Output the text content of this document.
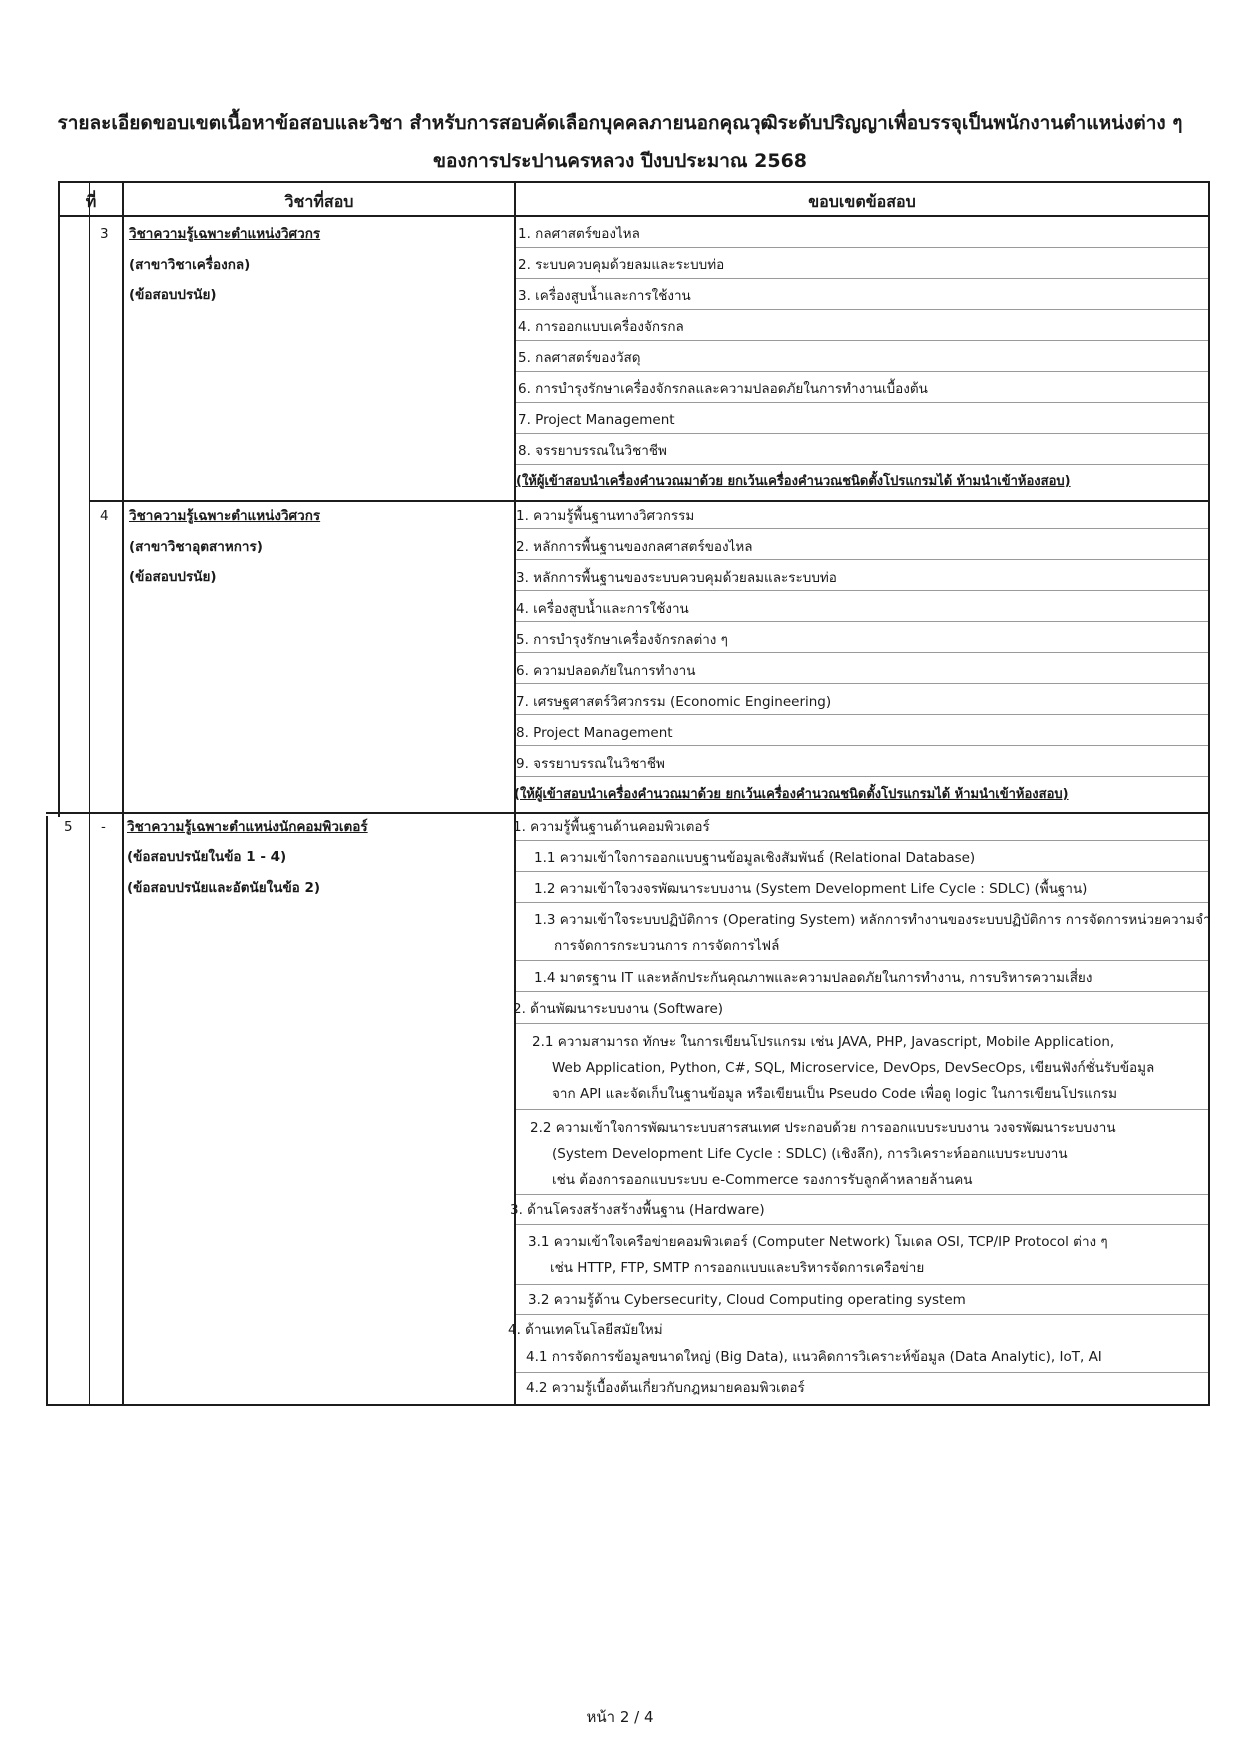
รายละเอียดขอบเขตเนื้อหาข้อสอบและวิชา สำหรับการสอบคัดเลือกบุคคลภายนอกคุณวุฒิระดับปริญญาเพื่อบรรจุเป็นพนักงานตำแหน่งต่าง ๆ
ของการประปานครหลวง ปีงบประมาณ 2568
ที่	วิชาที่สอบ	ขอบเขตข้อสอบ
3 วิชาความรู้เฉพาะตำแหน่งวิศวกร
(สาขาวิชาเครื่องกล)
(ข้อสอบปรนัย)
1. กลศาสตร์ของไหล
2. ระบบควบคุมด้วยลมและระบบท่อ
3. เครื่องสูบน้ำและการใช้งาน
4. การออกแบบเครื่องจักรกล
5. กลศาสตร์ของวัสดุ
6. การบำรุงรักษาเครื่องจักรกลและความปลอดภัยในการทำงานเบื้องต้น
7. Project Management
8. จรรยาบรรณในวิชาชีพ
(ให้ผู้เข้าสอบนำเครื่องคำนวณมาด้วย ยกเว้นเครื่องคำนวณชนิดตั้งโปรแกรมได้ ห้ามนำเข้าห้องสอบ)
4 วิชาความรู้เฉพาะตำแหน่งวิศวกร
(สาขาวิชาอุตสาหการ)
(ข้อสอบปรนัย)
1. ความรู้พื้นฐานทางวิศวกรรม
2. หลักการพื้นฐานของกลศาสตร์ของไหล
3. หลักการพื้นฐานของระบบควบคุมด้วยลมและระบบท่อ
4. เครื่องสูบน้ำและการใช้งาน
5. การบำรุงรักษาเครื่องจักรกลต่าง ๆ
6. ความปลอดภัยในการทำงาน
7. เศรษฐศาสตร์วิศวกรรม (Economic Engineering)
8. Project Management
9. จรรยาบรรณในวิชาชีพ
(ให้ผู้เข้าสอบนำเครื่องคำนวณมาด้วย ยกเว้นเครื่องคำนวณชนิดตั้งโปรแกรมได้ ห้ามนำเข้าห้องสอบ)
5 - วิชาความรู้เฉพาะตำแหน่งนักคอมพิวเตอร์
(ข้อสอบปรนัยในข้อ 1 - 4)
(ข้อสอบปรนัยและอัตนัยในข้อ 2)
1. ความรู้พื้นฐานด้านคอมพิวเตอร์
1.1 ความเข้าใจการออกแบบฐานข้อมูลเชิงสัมพันธ์ (Relational Database)
1.2 ความเข้าใจวงจรพัฒนาระบบงาน (System Development Life Cycle : SDLC) (พื้นฐาน)
1.3 ความเข้าใจระบบปฏิบัติการ (Operating System) หลักการทำงานของระบบปฏิบัติการ การจัดการหน่วยความจำ
การจัดการกระบวนการ การจัดการไฟล์
1.4 มาตรฐาน IT และหลักประกันคุณภาพและความปลอดภัยในการทำงาน, การบริหารความเสี่ยง
2. ด้านพัฒนาระบบงาน (Software)
2.1 ความสามารถ ทักษะ ในการเขียนโปรแกรม เช่น JAVA, PHP, Javascript, Mobile Application,
Web Application, Python, C#, SQL, Microservice, DevOps, DevSecOps, เขียนฟังก์ชั่นรับข้อมูล
จาก API และจัดเก็บในฐานข้อมูล หรือเขียนเป็น Pseudo Code เพื่อดู logic ในการเขียนโปรแกรม
2.2 ความเข้าใจการพัฒนาระบบสารสนเทศ ประกอบด้วย การออกแบบระบบงาน วงจรพัฒนาระบบงาน
(System Development Life Cycle : SDLC) (เชิงลึก), การวิเคราะห์ออกแบบระบบงาน
เช่น ต้องการออกแบบระบบ e-Commerce รองการรับลูกค้าหลายล้านคน
3. ด้านโครงสร้างสร้างพื้นฐาน (Hardware)
3.1 ความเข้าใจเครือข่ายคอมพิวเตอร์ (Computer Network) โมเดล OSI, TCP/IP Protocol ต่าง ๆ
เช่น HTTP, FTP, SMTP การออกแบบและบริหารจัดการเครือข่าย
3.2 ความรู้ด้าน Cybersecurity, Cloud Computing operating system
4. ด้านเทคโนโลยีสมัยใหม่
4.1 การจัดการข้อมูลขนาดใหญ่ (Big Data), แนวคิดการวิเคราะห์ข้อมูล (Data Analytic), IoT, AI
4.2 ความรู้เบื้องต้นเกี่ยวกับกฎหมายคอมพิวเตอร์
หน้า 2 / 4
